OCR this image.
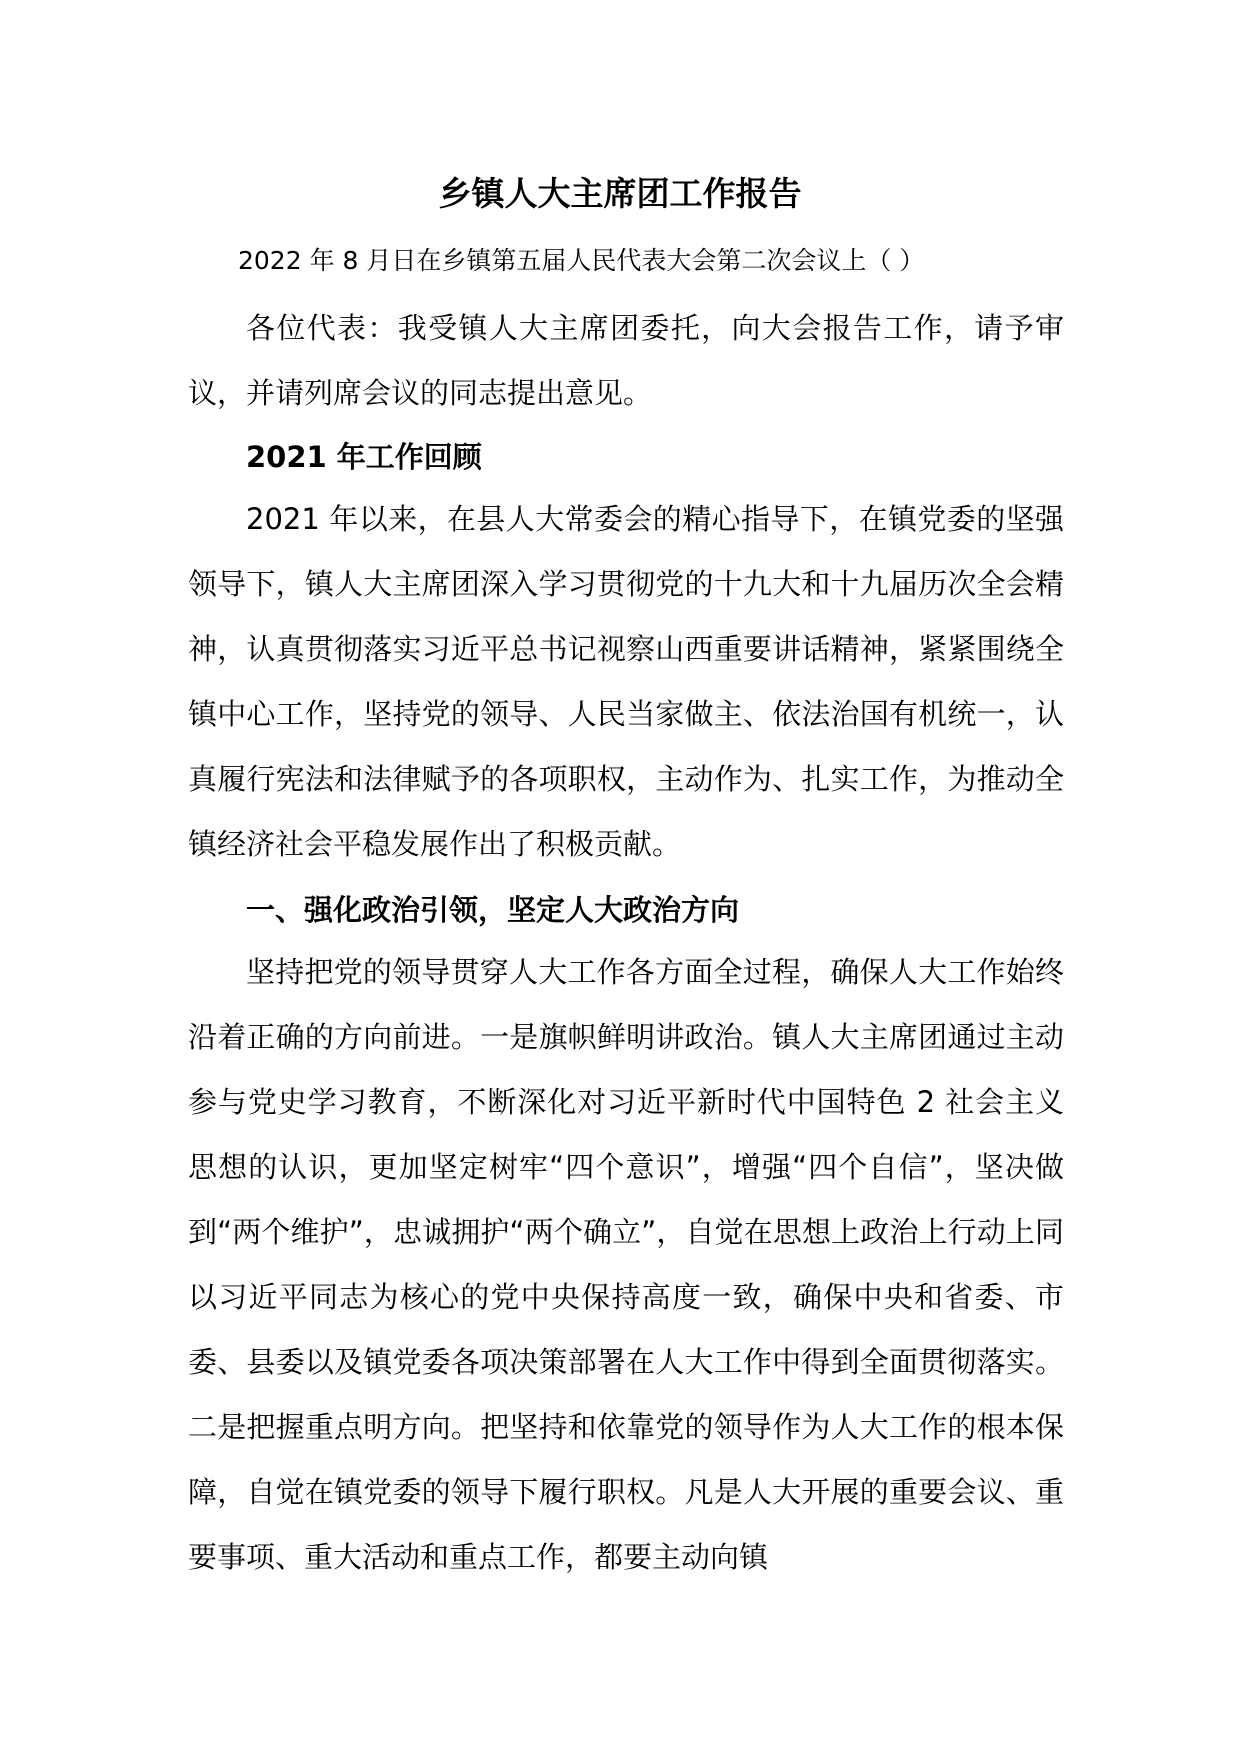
乡镇人大主席团工作报告

2022 年 8 月日在乡镇第五届人民代表大会第二次会议上（ ）

各位代表：我受镇人大主席团委托，向大会报告工作，请予审议，并请列席会议的同志提出意见。

2021 年工作回顾

2021 年以来，在县人大常委会的精心指导下，在镇党委的坚强领导下，镇人大主席团深入学习贯彻党的十九大和十九届历次全会精神，认真贯彻落实习近平总书记视察山西重要讲话精神，紧紧围绕全镇中心工作，坚持党的领导、人民当家做主、依法治国有机统一，认真履行宪法和法律赋予的各项职权，主动作为、扎实工作，为推动全镇经济社会平稳发展作出了积极贡献。

一、强化政治引领，坚定人大政治方向

坚持把党的领导贯穿人大工作各方面全过程，确保人大工作始终沿着正确的方向前进。一是旗帜鲜明讲政治。镇人大主席团通过主动参与党史学习教育，不断深化对习近平新时代中国特色 2 社会主义思想的认识，更加坚定树牢“四个意识”，增强“四个自信”，坚决做到“两个维护”，忠诚拥护“两个确立”，自觉在思想上政治上行动上同以习近平同志为核心的党中央保持高度一致，确保中央和省委、市委、县委以及镇党委各项决策部署在人大工作中得到全面贯彻落实。二是把握重点明方向。把坚持和依靠党的领导作为人大工作的根本保障，自觉在镇党委的领导下履行职权。凡是人大开展的重要会议、重要事项、重大活动和重点工作，都要主动向镇
